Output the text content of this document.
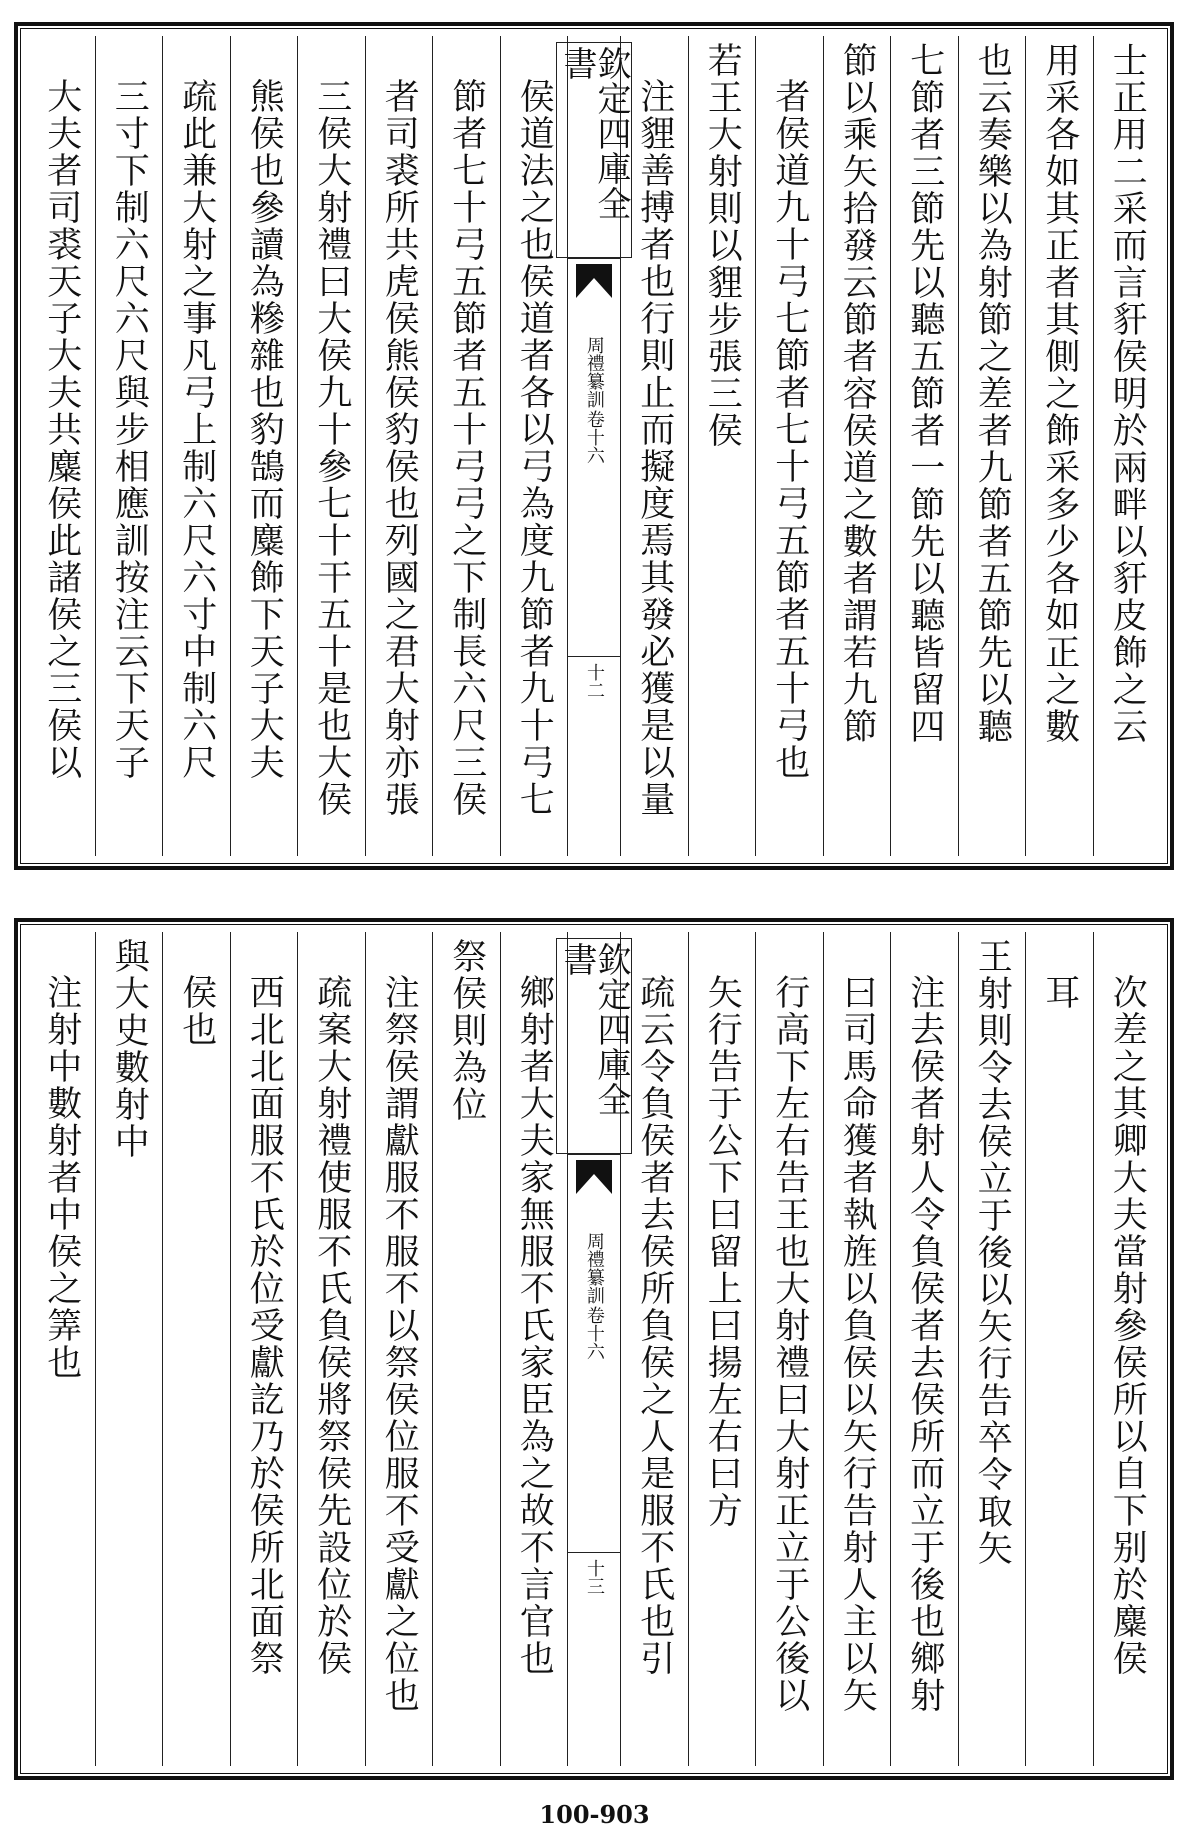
士正用二采而言豻侯明於兩畔以豻皮飾之云
用采各如其正者其側之飾采多少各如正之數
也云奏樂以為射節之差者九節者五節先以聽
七節者三節先以聽五節者一節先以聽皆留四
節以乘矢拾發云節者容侯道之數者謂若九節
者侯道九十弓七節者七十弓五節者五十弓也
若王大射則以貍步張三侯
注貍善搏者也行則止而擬度焉其發必獲是以量
欽定四庫全書
周禮纂訓
卷十六
十二
侯道法之也侯道者各以弓為度九節者九十弓七
節者七十弓五節者五十弓弓之下制長六尺三侯
者司裘所共虎侯熊侯豹侯也列國之君大射亦張
三侯大射禮曰大侯九十參七十干五十是也大侯
熊侯也參讀為糝雜也豹鵠而麋飾下天子大夫
疏此兼大射之事凡弓上制六尺六寸中制六尺
三寸下制六尺六尺與步相應訓按注云下天子
大夫者司裘天子大夫共麋侯此諸侯之三侯以
次差之其卿大夫當射參侯所以自下别於麋侯
耳
王射則令去侯立于後以矢行告卒令取矢
注去侯者射人令負侯者去侯所而立于後也鄉射
曰司馬命獲者執旌以負侯以矢行告射人主以矢
行高下左右告王也大射禮曰大射正立于公後以
矢行告于公下曰留上曰揚左右曰方
疏云令負侯者去侯所負侯之人是服不氏也引
欽定四庫全書
周禮纂訓
卷十六
十三
鄉射者大夫家無服不氏家臣為之故不言官也
祭侯則為位
注祭侯謂獻服不服不以祭侯位服不受獻之位也
疏案大射禮使服不氏負侯將祭侯先設位於侯
西北北面服不氏於位受獻訖乃於侯所北面祭
侯也
與大史數射中
注射中數射者中侯之筭也
100-903
